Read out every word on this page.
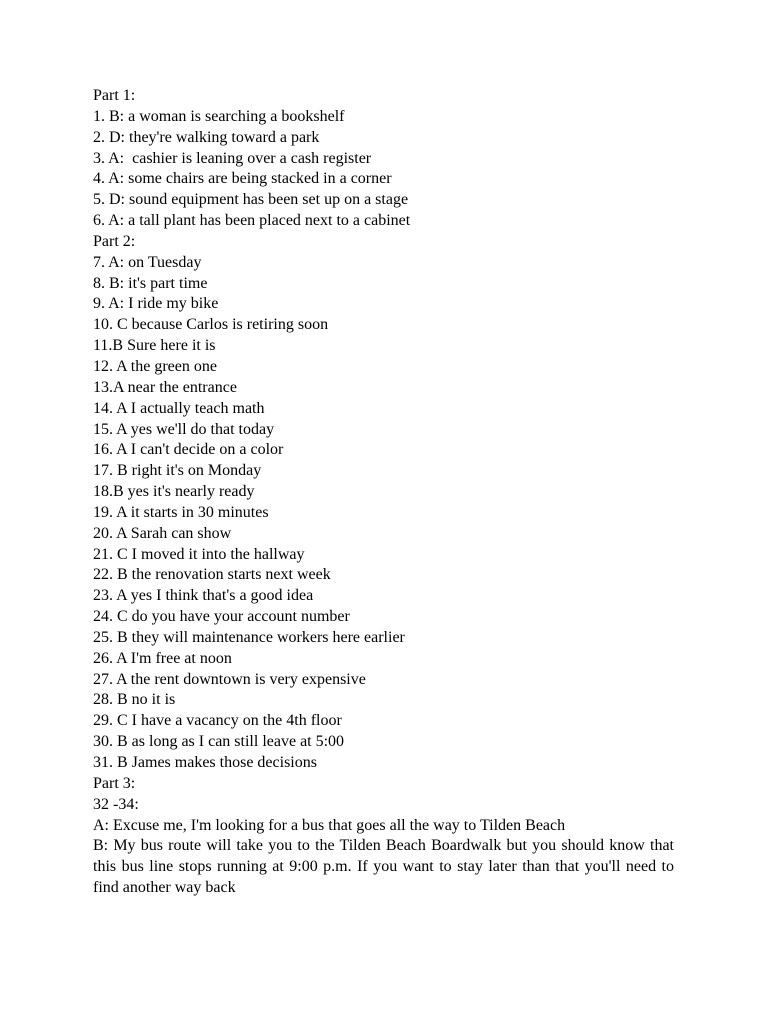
Part 1:
1. B: a woman is searching a bookshelf
2. D: they're walking toward a park
3. A:  cashier is leaning over a cash register
4. A: some chairs are being stacked in a corner
5. D: sound equipment has been set up on a stage
6. A: a tall plant has been placed next to a cabinet
Part 2:
7. A: on Tuesday
8. B: it's part time
9. A: I ride my bike
10. C because Carlos is retiring soon
11.B Sure here it is
12. A the green one
13.A near the entrance
14. A I actually teach math
15. A yes we'll do that today
16. A I can't decide on a color
17. B right it's on Monday
18.B yes it's nearly ready
19. A it starts in 30 minutes
20. A Sarah can show
21. C I moved it into the hallway
22. B the renovation starts next week
23. A yes I think that's a good idea
24. C do you have your account number
25. B they will maintenance workers here earlier
26. A I'm free at noon
27. A the rent downtown is very expensive
28. B no it is
29. C I have a vacancy on the 4th floor
30. B as long as I can still leave at 5:00
31. B James makes those decisions
Part 3:
32 -34:
A: Excuse me, I'm looking for a bus that goes all the way to Tilden Beach
B: My bus route will take you to the Tilden Beach Boardwalk but you should know that this bus line stops running at 9:00 p.m. If you want to stay later than that you'll need to find another way back
